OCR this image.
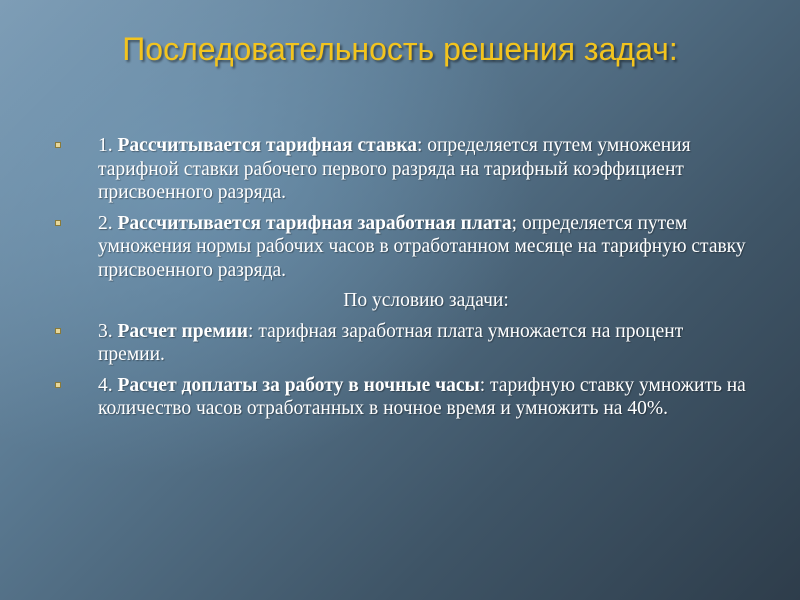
Последовательность решения задач:
1. Рассчитывается тарифная ставка: определяется путем умножения тарифной ставки рабочего первого разряда на тарифный коэффициент присвоенного разряда.
2. Рассчитывается тарифная заработная плата; определяется путем умножения нормы рабочих часов в отработанном месяце на тарифную ставку присвоенного разряда.
По условию задачи:
3. Расчет премии: тарифная заработная плата умножается на процент премии.
4. Расчет доплаты за работу в ночные часы: тарифную ставку умножить на количество часов отработанных в ночное время и умножить на 40%.
